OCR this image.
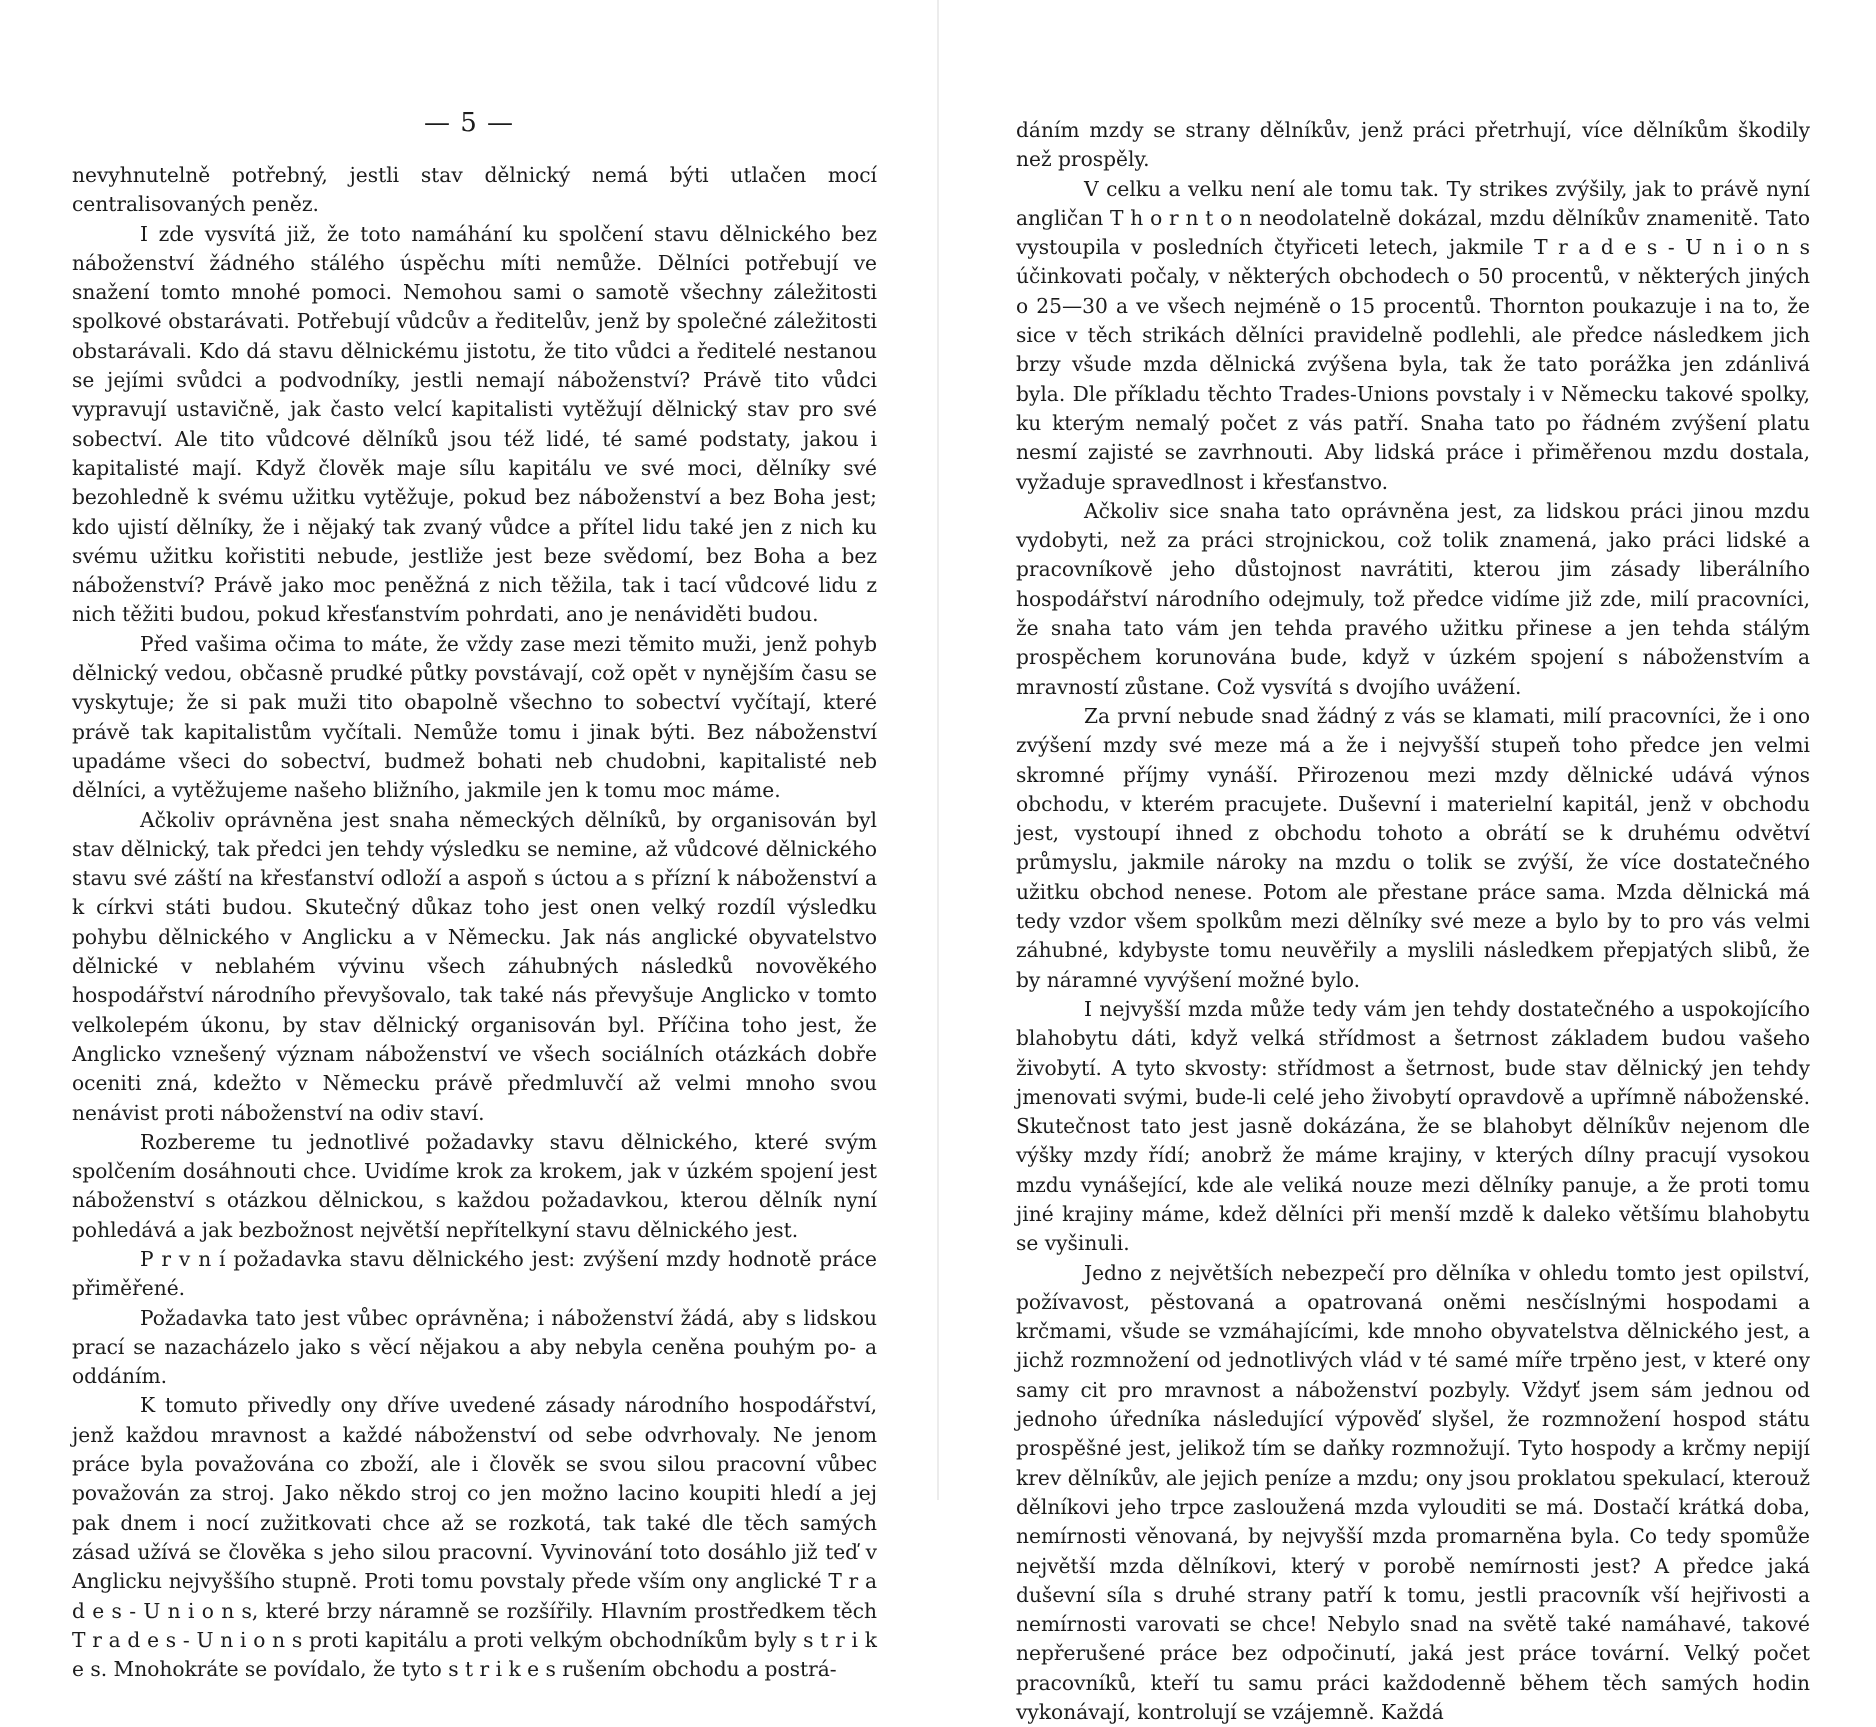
— 5 —

nevyhnutelně potřebný, jestli stav dělnický nemá býti utlačen mocí centralisovaných peněz.

I zde vysvítá již, že toto namáhání ku spolčení stavu dělnického bez náboženství žádného stálého úspěchu míti nemůže. Dělníci potřebují ve snažení tomto mnohé pomoci. Nemohou sami o samotě všechny záležitosti spolkové obstarávati. Potřebují vůdcův a ředitelův, jenž by společné záležitosti obstarávali. Kdo dá stavu dělnickému jistotu, že tito vůdci a ředitelé nestanou se jejími svůdci a podvodníky, jestli nemají náboženství? Právě tito vůdci vypravují ustavičně, jak často velcí kapitalisti vytěžují dělnický stav pro své sobectví. Ale tito vůdcové dělníků jsou též lidé, té samé podstaty, jakou i kapitalisté mají. Když člověk maje sílu kapitálu ve své moci, dělníky své bezohledně k svému užitku vytěžuje, pokud bez náboženství a bez Boha jest; kdo ujistí dělníky, že i nějaký tak zvaný vůdce a přítel lidu také jen z nich ku svému užitku kořistiti nebude, jestliže jest beze svědomí, bez Boha a bez náboženství? Právě jako moc peněžná z nich těžila, tak i tací vůdcové lidu z nich těžiti budou, pokud křesťanstvím pohrdati, ano je nenáviděti budou.

Před vašima očima to máte, že vždy zase mezi těmito muži, jenž pohyb dělnický vedou, občasně prudké půtky povstávají, což opět v nynějším času se vyskytuje; že si pak muži tito obapolně všechno to sobectví vyčítají, které právě tak kapitalistům vyčítali. Nemůže tomu i jinak býti. Bez náboženství upadáme všeci do sobectví, budmež bohati neb chudobni, kapitalisté neb dělníci, a vytěžujeme našeho bližního, jakmile jen k tomu moc máme.

Ačkoliv oprávněna jest snaha německých dělníků, by organisován byl stav dělnický, tak předci jen tehdy výsledku se nemine, až vůdcové dělnického stavu své záští na křesťanství odloží a aspoň s úctou a s přízní k náboženství a k církvi státi budou. Skutečný důkaz toho jest onen velký rozdíl výsledku pohybu dělnického v Anglicku a v Německu. Jak nás anglické obyvatelstvo dělnické v neblahém vývinu všech záhubných následků novověkého hospodářství národního převyšovalo, tak také nás převyšuje Anglicko v tomto velkolepém úkonu, by stav dělnický organisován byl. Příčina toho jest, že Anglicko vznešený význam náboženství ve všech sociálních otázkách dobře oceniti zná, kdežto v Německu právě předmluvčí až velmi mnoho svou nenávist proti náboženství na odiv staví.

Rozbereme tu jednotlivé požadavky stavu dělnického, které svým spolčením dosáhnouti chce. Uvidíme krok za krokem, jak v úzkém spojení jest náboženství s otázkou dělnickou, s každou požadavkou, kterou dělník nyní pohledává a jak bezbožnost největší nepřítelkyní stavu dělnického jest.

P r v n í požadavka stavu dělnického jest: zvýšení mzdy hodnotě práce přiměřené.

Požadavka tato jest vůbec oprávněna; i náboženství žádá, aby s lidskou prací se nazacházelo jako s věcí nějakou a aby nebyla ceněna pouhým po- a oddáním.

K tomuto přivedly ony dříve uvedené zásady národního hospodářství, jenž každou mravnost a každé náboženství od sebe odvrhovaly. Ne jenom práce byla považována co zboží, ale i člověk se svou silou pracovní vůbec považován za stroj. Jako někdo stroj co jen možno lacino koupiti hledí a jej pak dnem i nocí zužitkovati chce až se rozkotá, tak také dle těch samých zásad užívá se člověka s jeho silou pracovní. Vyvinování toto dosáhlo již teď v Anglicku nejvyššího stupně. Proti tomu povstaly přede vším ony anglické T r a d e s - U n i o n s, které brzy náramně se rozšířily. Hlavním prostředkem těch T r a d e s - U n i o n s proti kapitálu a proti velkým obchodníkům byly s t r i k e s. Mnohokráte se povídalo, že tyto s t r i k e s rušením obchodu a postrá-

dáním mzdy se strany dělníkův, jenž práci přetrhují, více dělníkům škodily než prospěly.

V celku a velku není ale tomu tak. Ty strikes zvýšily, jak to právě nyní angličan T h o r n t o n neodolatelně dokázal, mzdu dělníkův znamenitě. Tato vystoupila v posledních čtyřiceti letech, jakmile T r a d e s - U n i o n s účinkovati počaly, v některých obchodech o 50 procentů, v některých jiných o 25—30 a ve všech nejméně o 15 procentů. Thornton poukazuje i na to, že sice v těch strikách dělníci pravidelně podlehli, ale předce následkem jich brzy všude mzda dělnická zvýšena byla, tak že tato porážka jen zdánlivá byla. Dle příkladu těchto Trades-Unions povstaly i v Německu takové spolky, ku kterým nemalý počet z vás patří. Snaha tato po řádném zvýšení platu nesmí zajisté se zavrhnouti. Aby lidská práce i přiměřenou mzdu dostala, vyžaduje spravedlnost i křesťanstvo.

Ačkoliv sice snaha tato oprávněna jest, za lidskou práci jinou mzdu vydobyti, než za práci strojnickou, což tolik znamená, jako práci lidské a pracovníkově jeho důstojnost navrátiti, kterou jim zásady liberálního hospodářství národního odejmuly, tož předce vidíme již zde, milí pracovníci, že snaha tato vám jen tehda pravého užitku přinese a jen tehda stálým prospěchem korunována bude, když v úzkém spojení s náboženstvím a mravností zůstane. Což vysvítá s dvojího uvážení.

Za první nebude snad žádný z vás se klamati, milí pracovníci, že i ono zvýšení mzdy své meze má a že i nejvyšší stupeň toho předce jen velmi skromné příjmy vynáší. Přirozenou mezi mzdy dělnické udává výnos obchodu, v kterém pracujete. Duševní i materielní kapitál, jenž v obchodu jest, vystoupí ihned z obchodu tohoto a obrátí se k druhému odvětví průmyslu, jakmile nároky na mzdu o tolik se zvýší, že více dostatečného užitku obchod nenese. Potom ale přestane práce sama. Mzda dělnická má tedy vzdor všem spolkům mezi dělníky své meze a bylo by to pro vás velmi záhubné, kdybyste tomu neuvěřily a myslili následkem přepjatých slibů, že by náramné vyvýšení možné bylo.

I nejvyšší mzda může tedy vám jen tehdy dostatečného a uspokojícího blahobytu dáti, když velká střídmost a šetrnost základem budou vašeho živobytí. A tyto skvosty: střídmost a šetrnost, bude stav dělnický jen tehdy jmenovati svými, bude-li celé jeho živobytí opravdově a upřímně náboženské. Skutečnost tato jest jasně dokázána, že se blahobyt dělníkův nejenom dle výšky mzdy řídí; anobrž že máme krajiny, v kterých dílny pracují vysokou mzdu vynášející, kde ale veliká nouze mezi dělníky panuje, a že proti tomu jiné krajiny máme, kdež dělníci při menší mzdě k daleko většímu blahobytu se vyšinuli.

Jedno z největších nebezpečí pro dělníka v ohledu tomto jest opilství, požívavost, pěstovaná a opatrovaná oněmi nesčíslnými hospodami a krčmami, všude se vzmáhajícími, kde mnoho obyvatelstva dělnického jest, a jichž rozmnožení od jednotlivých vlád v té samé míře trpěno jest, v které ony samy cit pro mravnost a náboženství pozbyly. Vždyť jsem sám jednou od jednoho úředníka následující výpověď slyšel, že rozmnožení hospod státu prospěšné jest, jelikož tím se daňky rozmnožují. Tyto hospody a krčmy nepijí krev dělníkův, ale jejich peníze a mzdu; ony jsou proklatou spekulací, kterouž dělníkovi jeho trpce zasloužená mzda vylouditi se má. Dostačí krátká doba, nemírnosti věnovaná, by nejvyšší mzda promarněna byla. Co tedy spomůže největší mzda dělníkovi, který v porobě nemírnosti jest? A předce jaká duševní síla s druhé strany patří k tomu, jestli pracovník vší hejřivosti a nemírnosti varovati se chce! Nebylo snad na světě také namáhavé, takové nepřerušené práce bez odpočinutí, jaká jest práce tovární. Velký počet pracovníků, kteří tu samu práci každodenně během těch samých hodin vykonávají, kontrolují se vzájemně. Každá
